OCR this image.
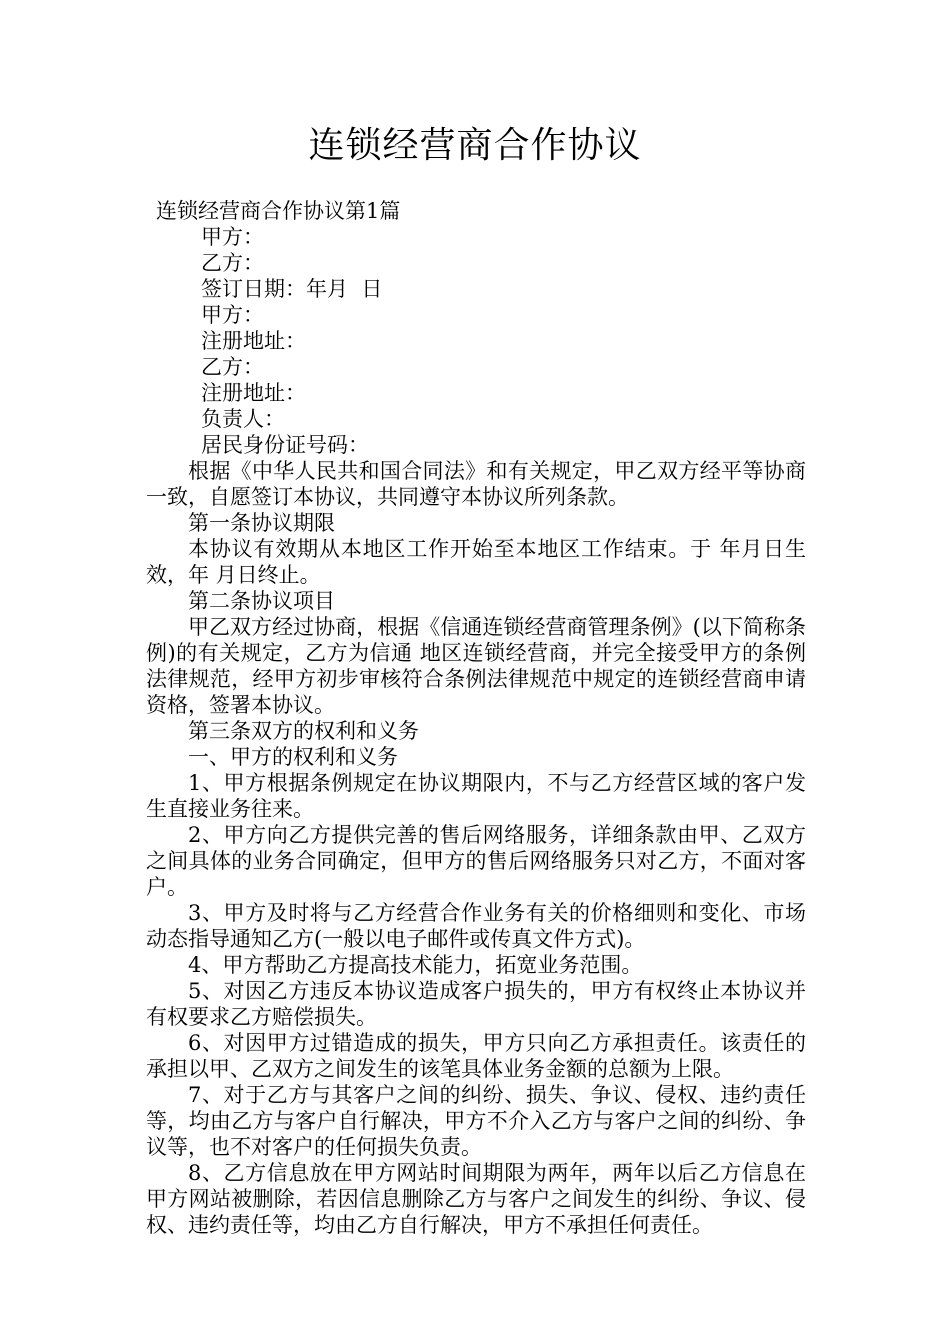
连锁经营商合作协议
连锁经营商合作协议第1篇
甲方：
乙方：
签订日期：年月  日
甲方：
注册地址：
乙方：
注册地址：
负责人：
居民身份证号码：

根据《中华人民共和国合同法》和有关规定，甲乙双方经平等协商一致，自愿签订本协议，共同遵守本协议所列条款。

第一条协议期限

本协议有效期从本地区工作开始至本地区工作结束。于 年月日生效，年 月日终止。

第二条协议项目

甲乙双方经过协商，根据《信通连锁经营商管理条例》(以下简称条例)的有关规定，乙方为信通 地区连锁经营商，并完全接受甲方的条例法律规范，经甲方初步审核符合条例法律规范中规定的连锁经营商申请资格，签署本协议。

第三条双方的权利和义务

一、甲方的权利和义务

1、甲方根据条例规定在协议期限内，不与乙方经营区域的客户发生直接业务往来。

2、甲方向乙方提供完善的售后网络服务，详细条款由甲、乙双方之间具体的业务合同确定，但甲方的售后网络服务只对乙方，不面对客户。

3、甲方及时将与乙方经营合作业务有关的价格细则和变化、市场动态指导通知乙方(一般以电子邮件或传真文件方式)。

4、甲方帮助乙方提高技术能力，拓宽业务范围。

5、对因乙方违反本协议造成客户损失的，甲方有权终止本协议并有权要求乙方赔偿损失。

6、对因甲方过错造成的损失，甲方只向乙方承担责任。该责任的承担以甲、乙双方之间发生的该笔具体业务金额的总额为上限。

7、对于乙方与其客户之间的纠纷、损失、争议、侵权、违约责任等，均由乙方与客户自行解决，甲方不介入乙方与客户之间的纠纷、争议等，也不对客户的任何损失负责。

8、乙方信息放在甲方网站时间期限为两年，两年以后乙方信息在甲方网站被删除，若因信息删除乙方与客户之间发生的纠纷、争议、侵权、违约责任等，均由乙方自行解决，甲方不承担任何责任。
